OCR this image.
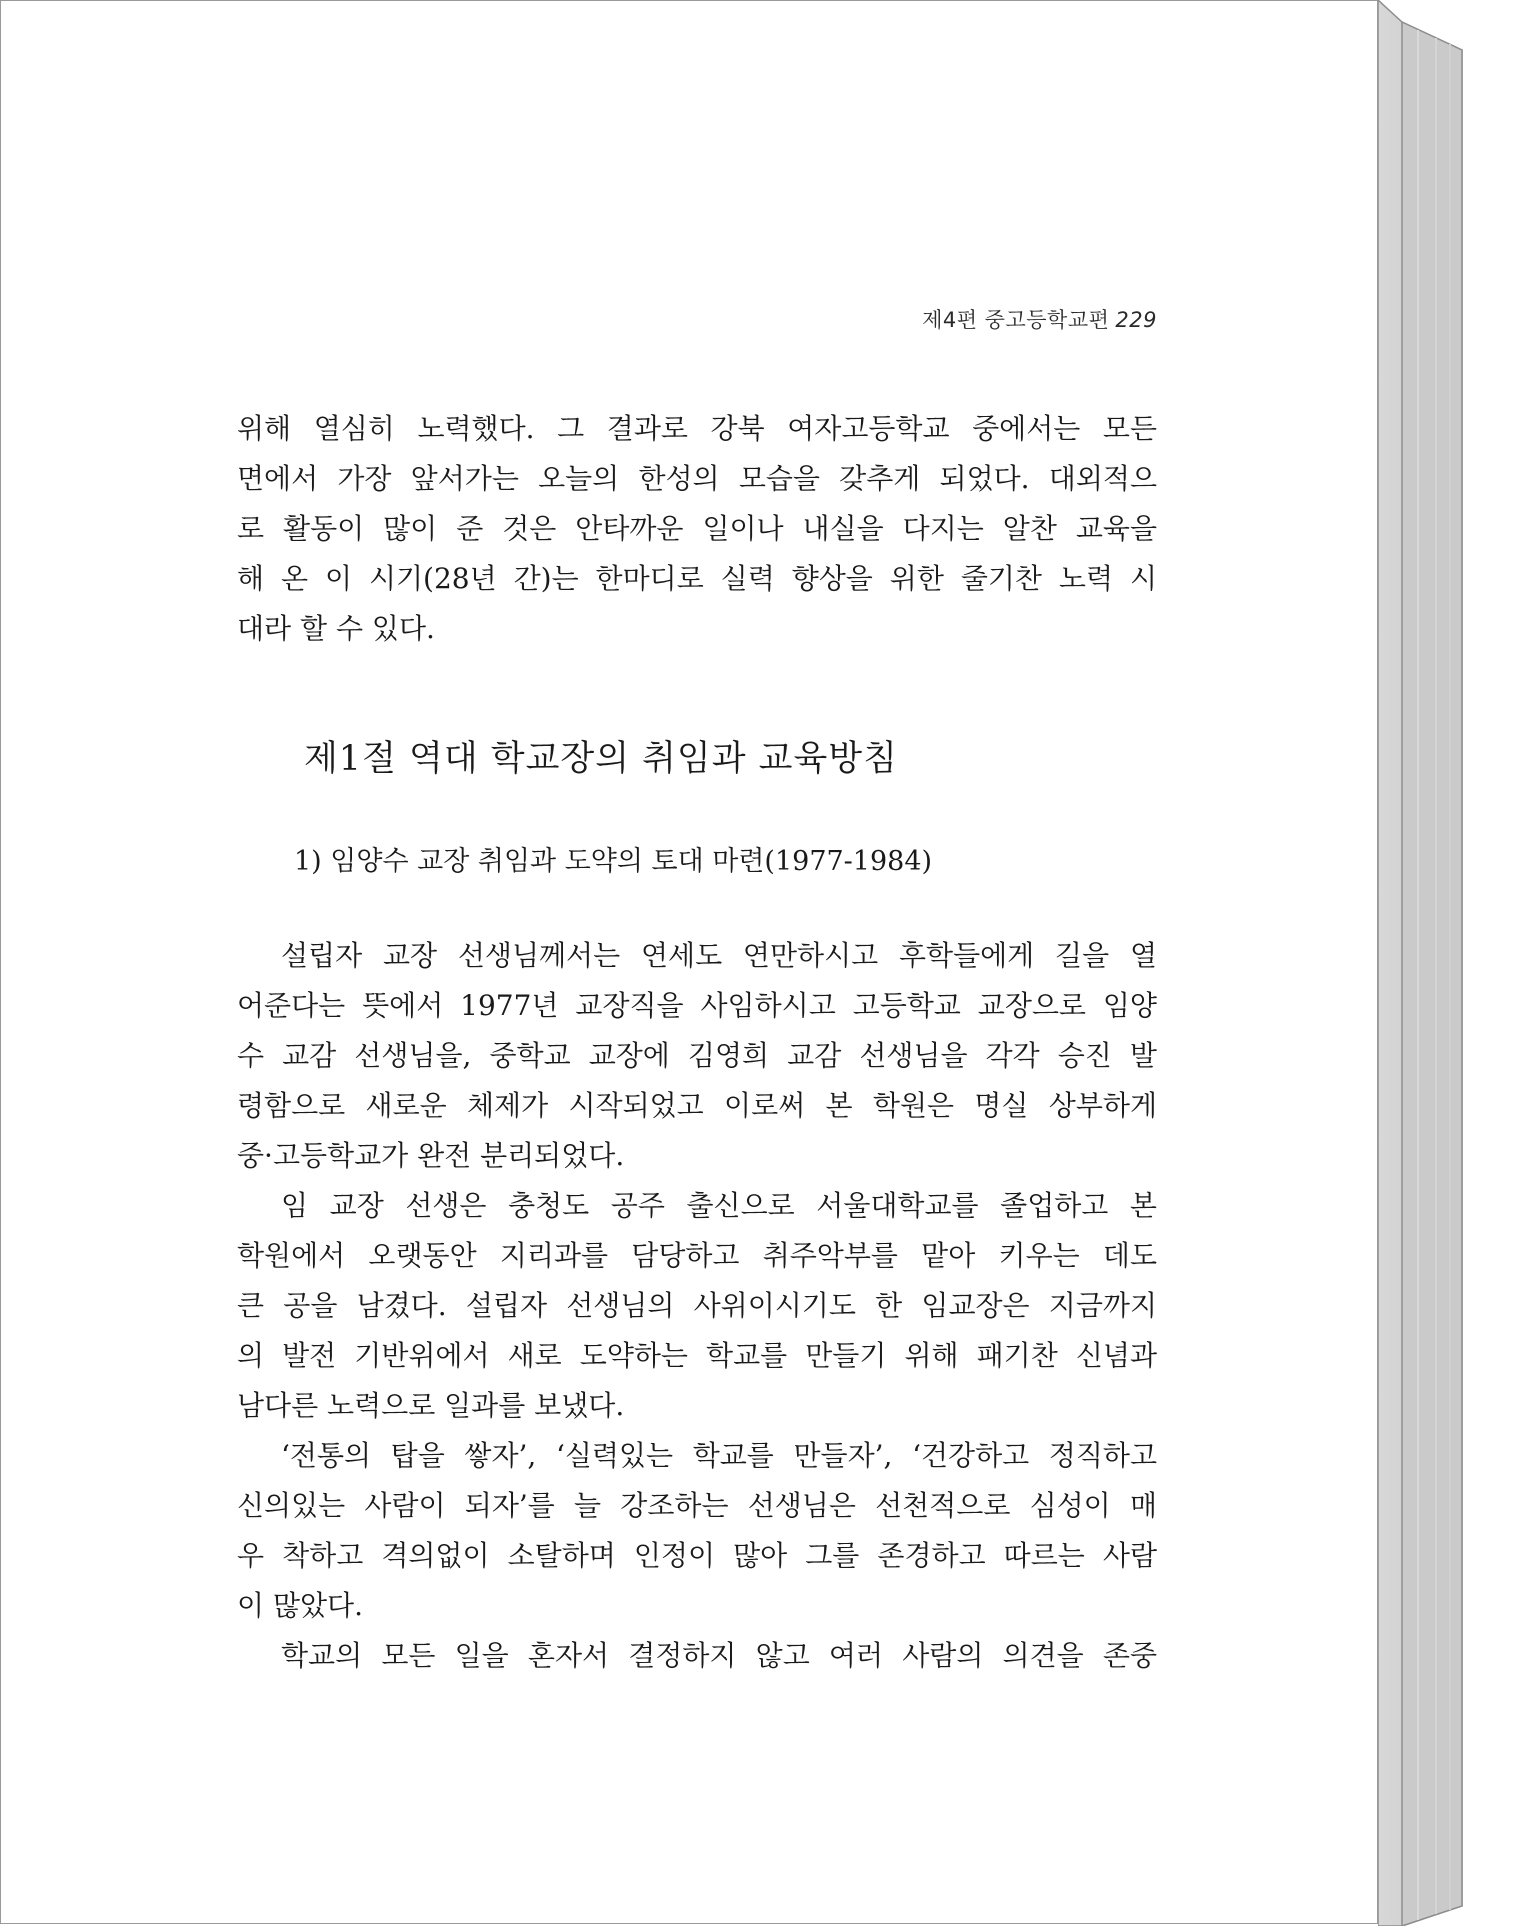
제4편 중고등학교편 229

위해 열심히 노력했다. 그 결과로 강북 여자고등학교 중에서는 모든
면에서 가장 앞서가는 오늘의 한성의 모습을 갖추게 되었다. 대외적으
로 활동이 많이 준 것은 안타까운 일이나 내실을 다지는 알찬 교육을
해 온 이 시기(28년 간)는 한마디로 실력 향상을 위한 줄기찬 노력 시
대라 할 수 있다.

제1절 역대 학교장의 취임과 교육방침
1) 임양수 교장 취임과 도약의 토대 마련(1977-1984)

설립자 교장 선생님께서는 연세도 연만하시고 후학들에게 길을 열
어준다는 뜻에서 1977년 교장직을 사임하시고 고등학교 교장으로 임양
수 교감 선생님을, 중학교 교장에 김영희 교감 선생님을 각각 승진 발
령함으로 새로운 체제가 시작되었고 이로써 본 학원은 명실 상부하게
중·고등학교가 완전 분리되었다.

임 교장 선생은 충청도 공주 출신으로 서울대학교를 졸업하고 본
학원에서 오랫동안 지리과를 담당하고 취주악부를 맡아 키우는 데도
큰 공을 남겼다. 설립자 선생님의 사위이시기도 한 임교장은 지금까지
의 발전 기반위에서 새로 도약하는 학교를 만들기 위해 패기찬 신념과
남다른 노력으로 일과를 보냈다.

‘전통의 탑을 쌓자’, ‘실력있는 학교를 만들자’, ‘건강하고 정직하고
신의있는 사람이 되자’를 늘 강조하는 선생님은 선천적으로 심성이 매
우 착하고 격의없이 소탈하며 인정이 많아 그를 존경하고 따르는 사람
이 많았다.

학교의 모든 일을 혼자서 결정하지 않고 여러 사람의 의견을 존중
